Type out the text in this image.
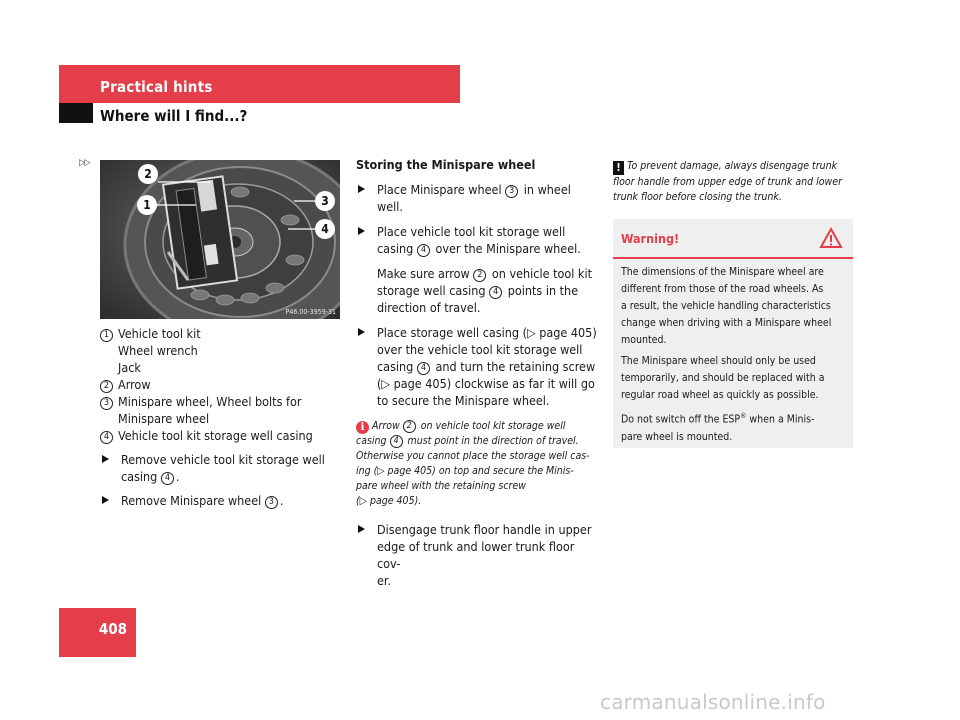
Practical hints
Where will I find...?
▷▷
2
1	3
4
P46.00-3959-31
1 Vehicle tool kit
Wheel wrench
Jack
2 Arrow
3 Minispare wheel, Wheel bolts for
Minispare wheel
4 Vehicle tool kit storage well casing
Remove vehicle tool kit storage well
casing 4 .
Remove Minispare wheel 3 .
Storing the Minispare wheel
Place Minispare wheel 3 in wheel
well.
Place vehicle tool kit storage well
casing 4 over the Minispare wheel.
Make sure arrow 2 on vehicle tool kit
storage well casing 4 points in the
direction of travel.
Place storage well casing (▷ page 405)
over the vehicle tool kit storage well
casing 4 and turn the retaining screw
(▷ page 405) clockwise as far it will go
to secure the Minispare wheel.
i Arrow 2 on vehicle tool kit storage well
casing 4 must point in the direction of travel.
Otherwise you cannot place the storage well cas-
ing (▷ page 405) on top and secure the Minis-
pare wheel with the retaining screw
(▷ page 405).
Disengage trunk floor handle in upper
edge of trunk and lower trunk floor cov-
er.
! To prevent damage, always disengage trunk
floor handle from upper edge of trunk and lower
trunk floor before closing the trunk.
Warning!

The dimensions of the Minispare wheel are
different from those of the road wheels. As
a result, the vehicle handling characteristics
change when driving with a Minispare wheel
mounted.

The Minispare wheel should only be used
temporarily, and should be replaced with a
regular road wheel as quickly as possible.

Do not switch off the ESP® when a Minis-
pare wheel is mounted.

408
carmanualsonline.info
